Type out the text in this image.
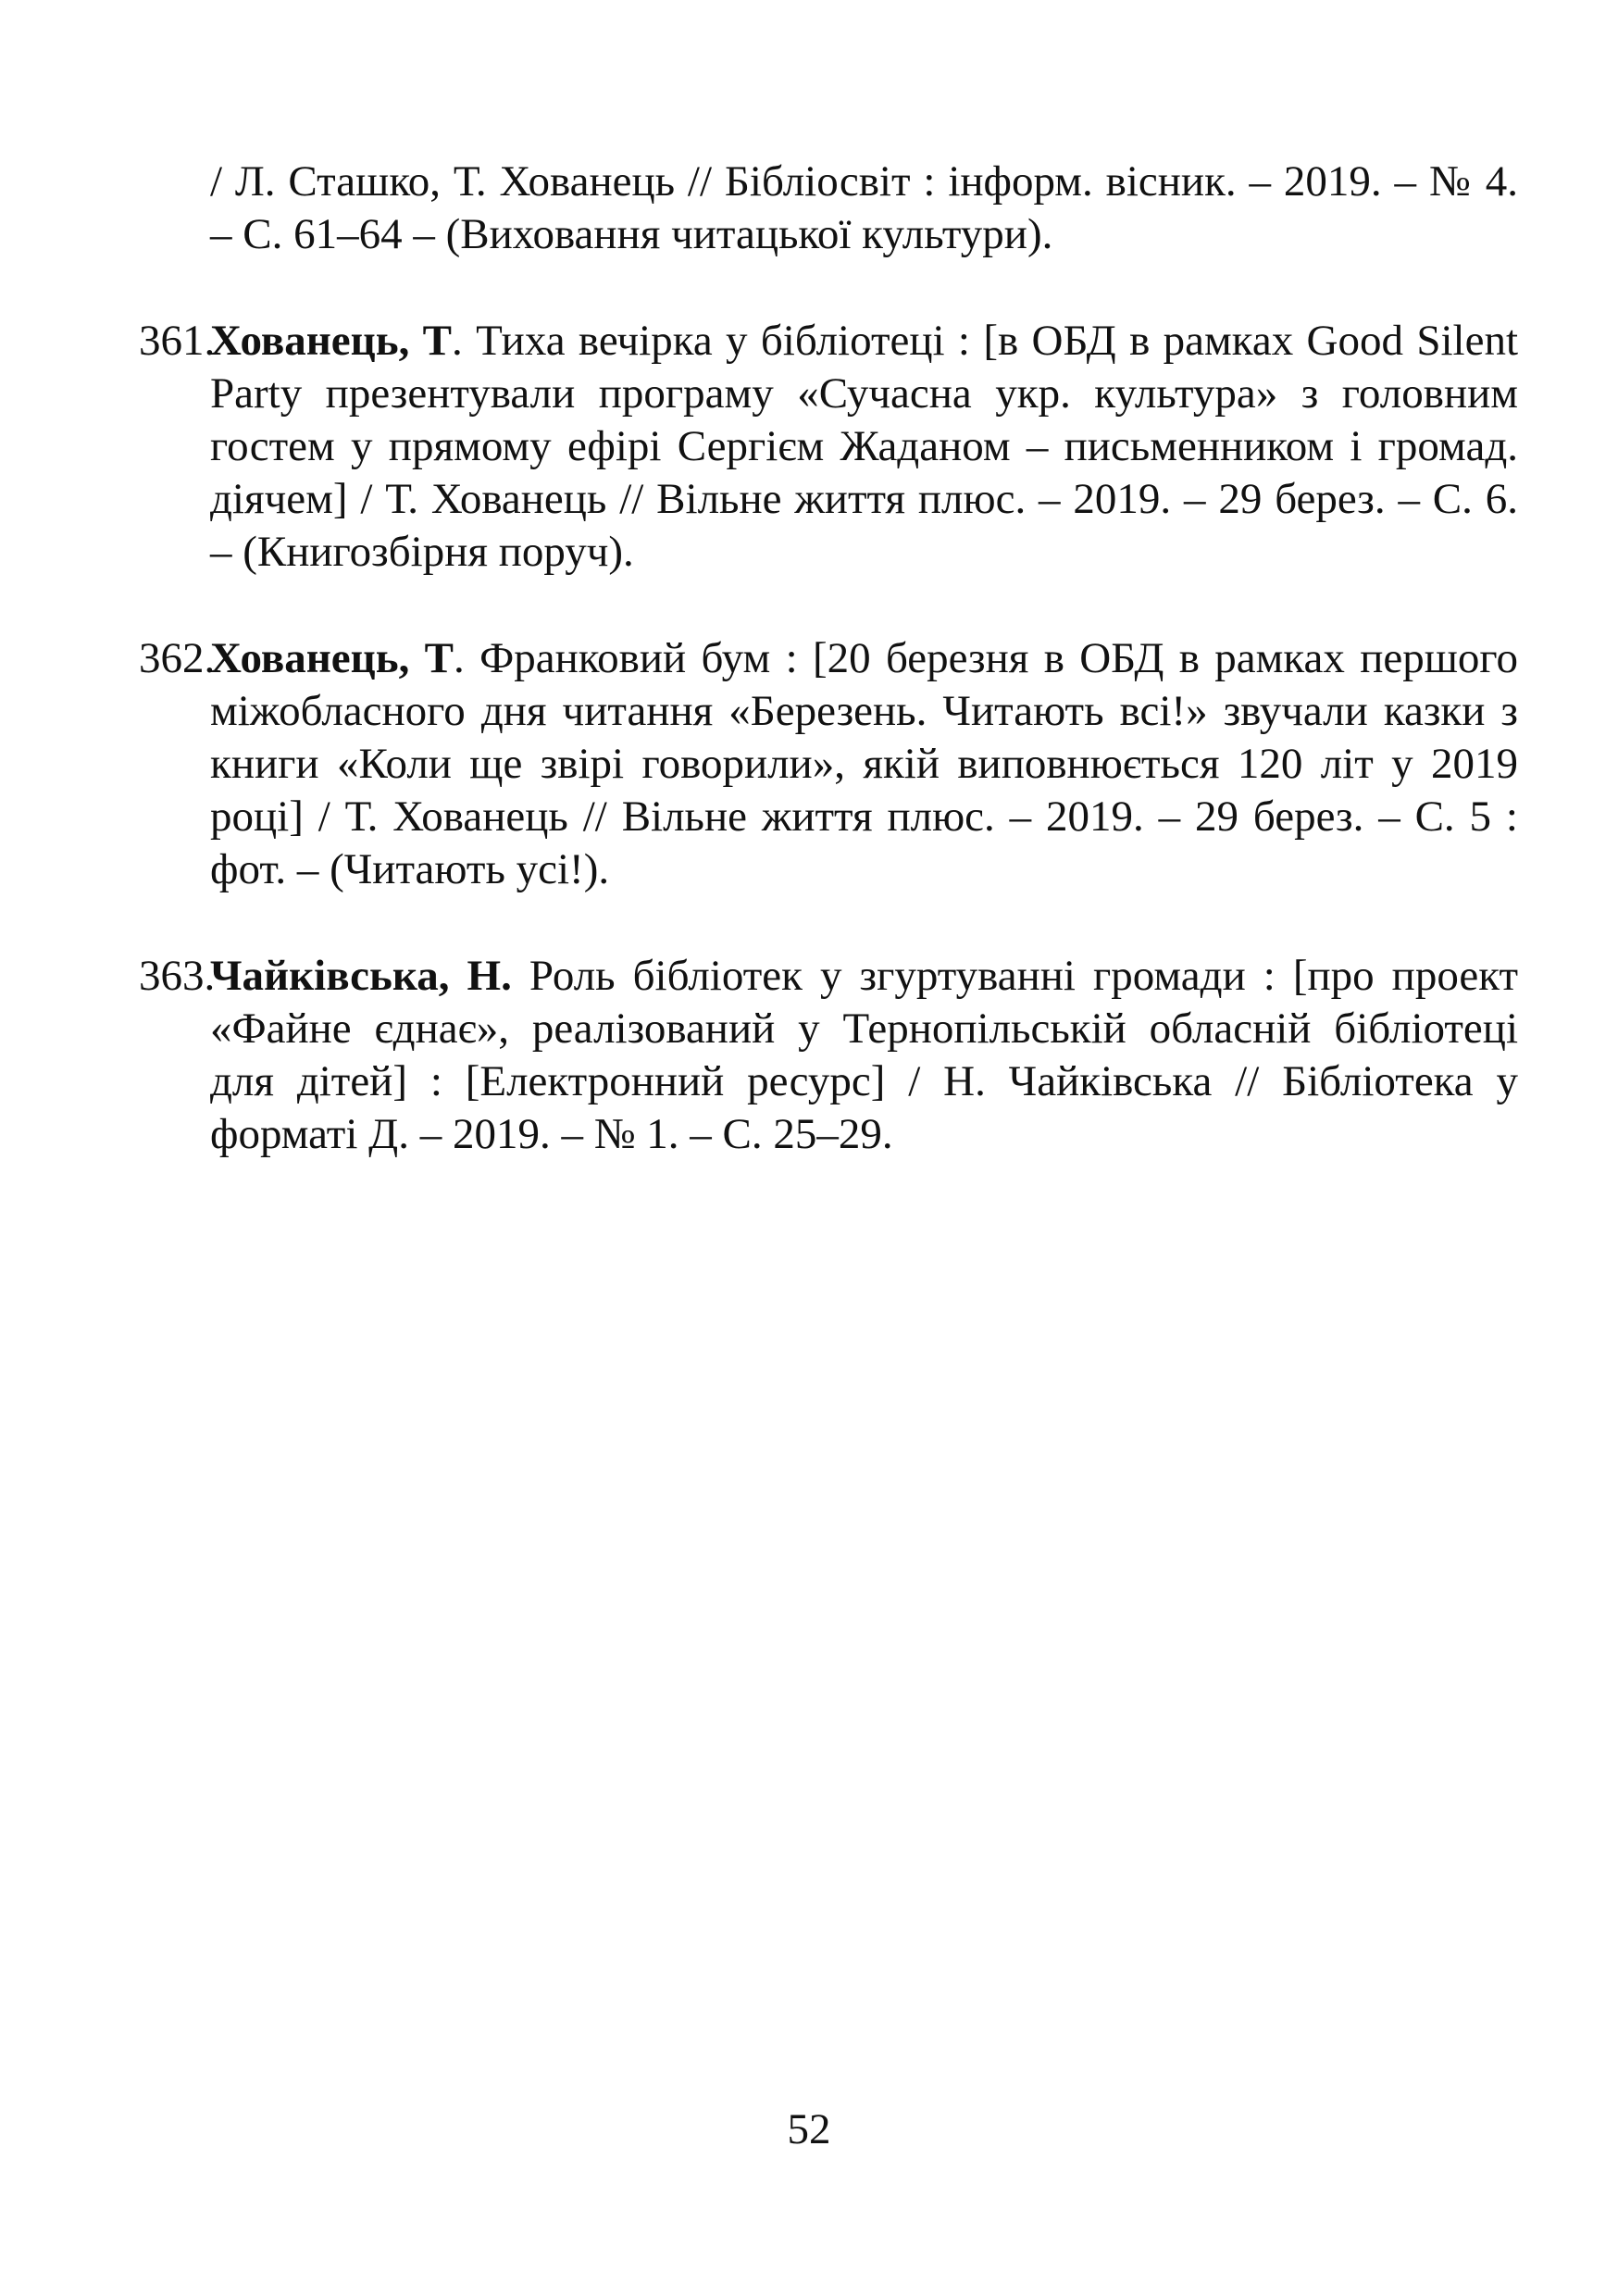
/ Л. Сташко, Т. Хованець // Бібліосвіт : інформ. вісник. – 2019. – № 4. – С. 61–64 – (Виховання читацької культури).

361.Хованець, Т. Тиха вечірка у бібліотеці : [в ОБД в рамках Good Silent Party презентували програму «Сучасна укр. культура» з головним гостем у прямому ефірі Сергієм Жаданом – письменником і громад. діячем] / Т. Хованець // Вільне життя плюс. – 2019. – 29 берез. – С. 6. – (Книгозбірня поруч).

362.Хованець, Т. Франковий бум : [20 березня в ОБД в рамках першого міжобласного дня читання «Березень. Читають всі!» звучали казки з книги «Коли ще звірі говорили», якій виповнюється 120 літ у 2019 році] / Т. Хованець // Вільне життя плюс. – 2019. – 29 берез. – С. 5 : фот. – (Читають усі!).

363.Чайківська, Н. Роль бібліотек у згуртуванні громади : [про проект «Файне єднає», реалізований у Тернопільській обласній бібліотеці для дітей] : [Електронний ресурс] / Н. Чайківська // Бібліотека у форматі Д. – 2019. – № 1. – С. 25–29.

52
